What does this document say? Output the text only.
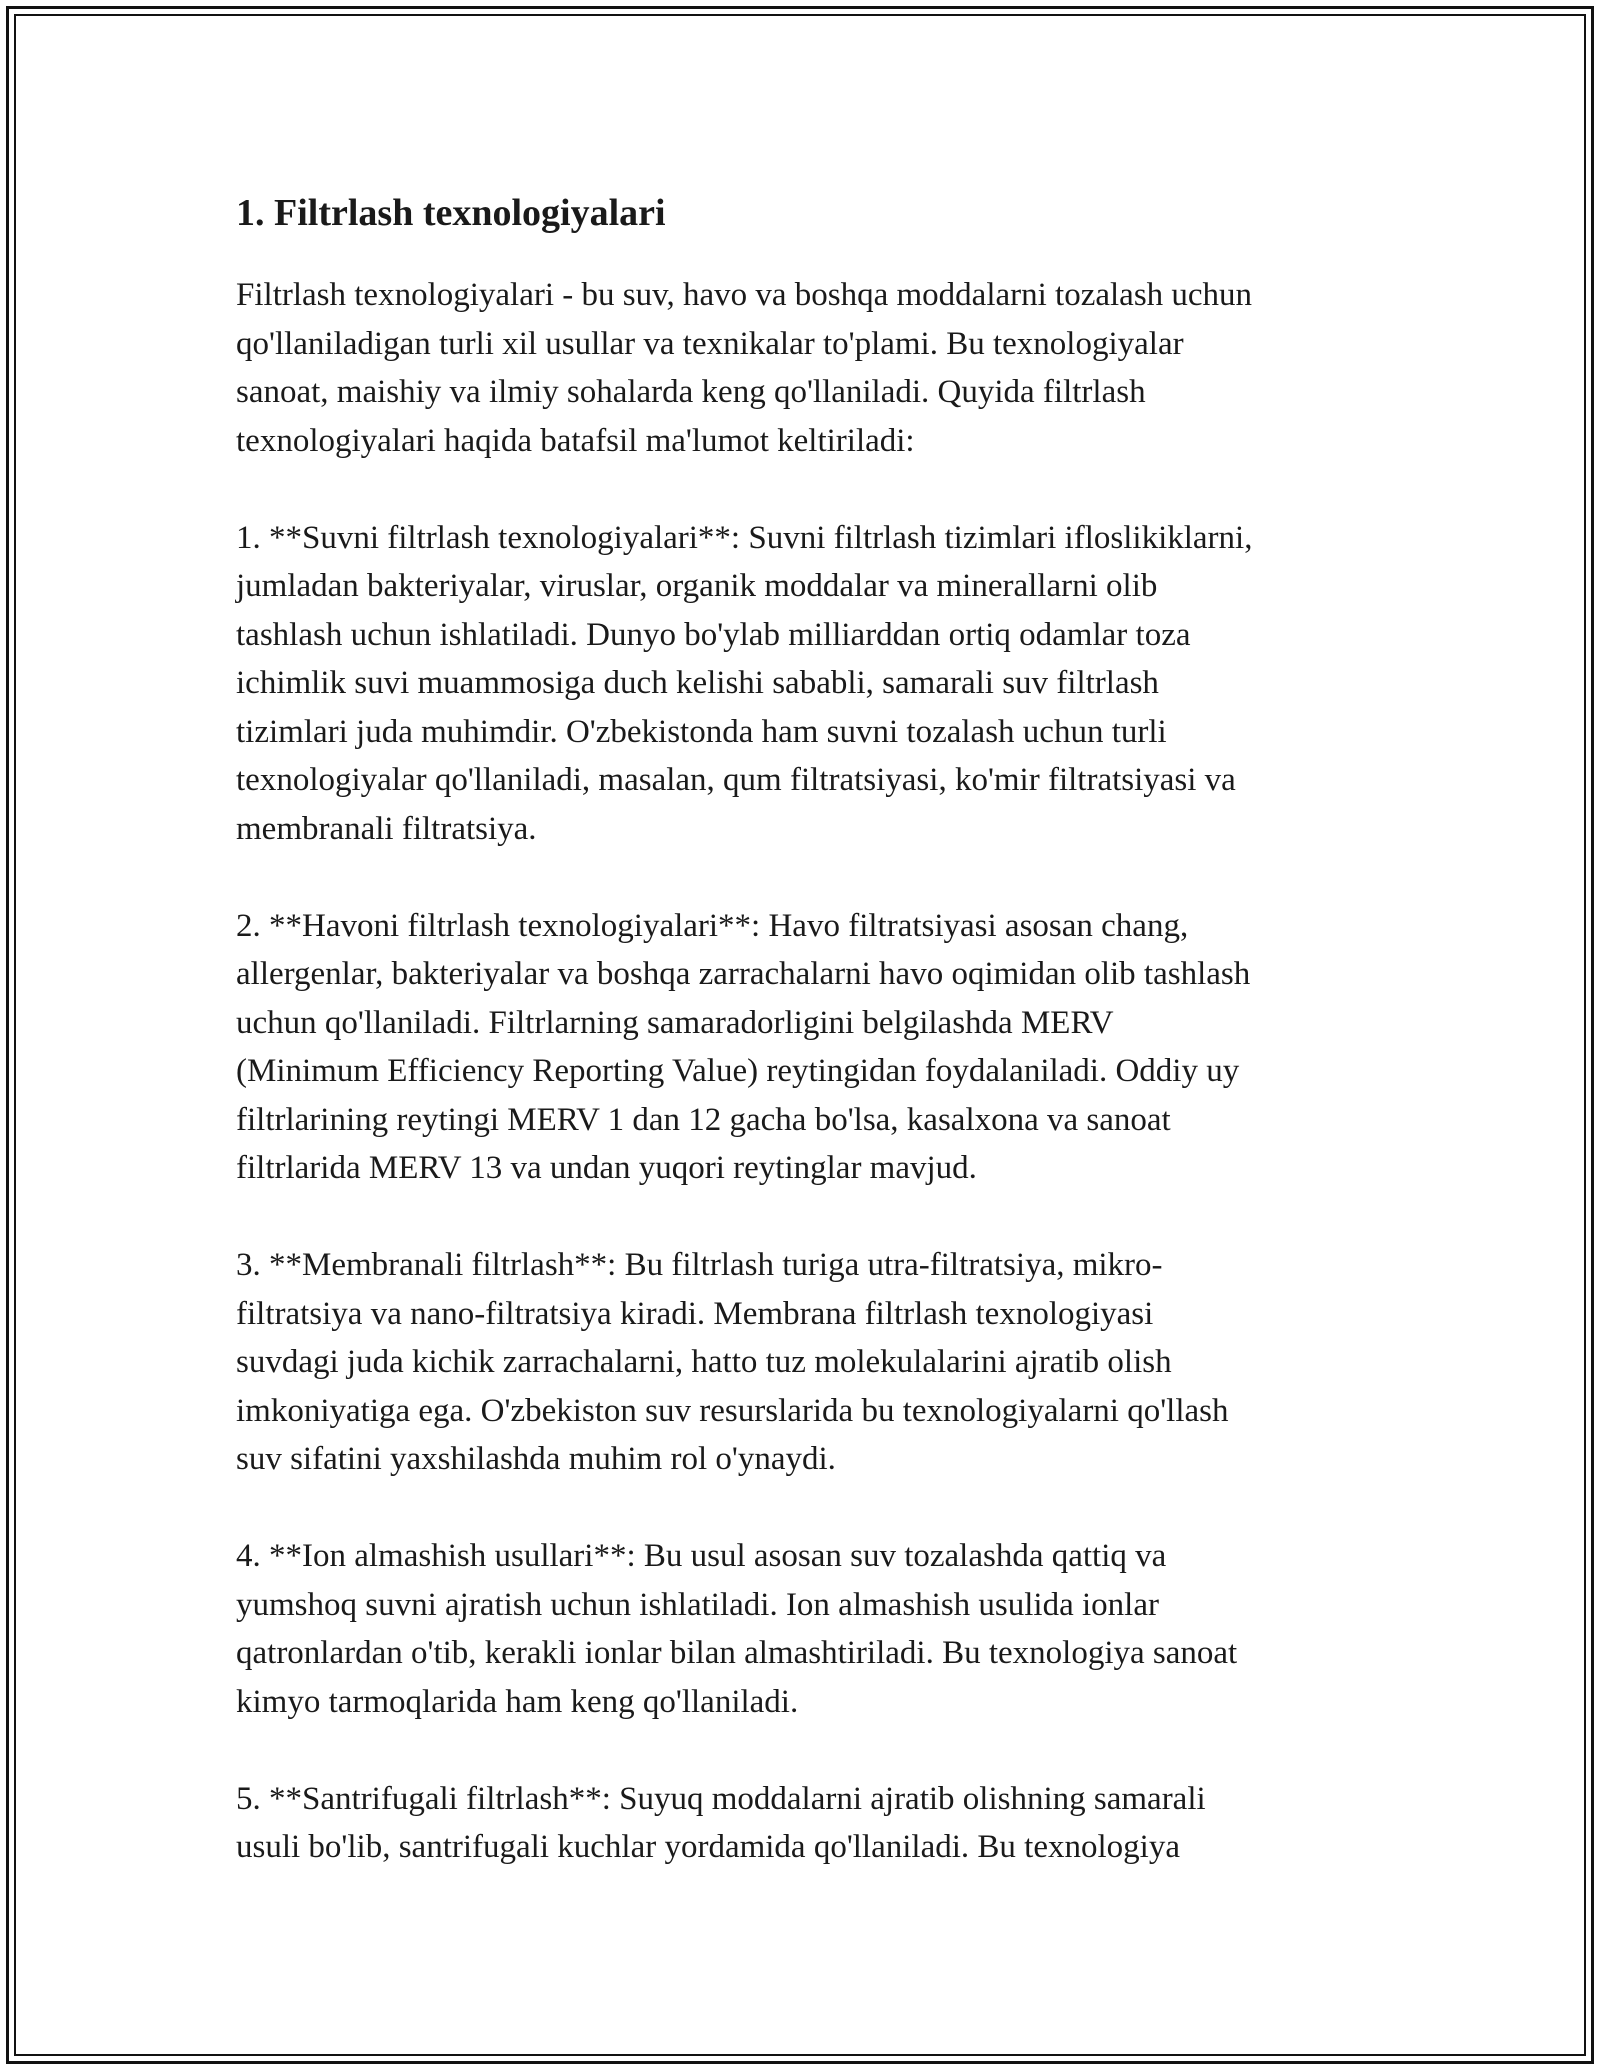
1. Filtrlash texnologiyalari

Filtrlash texnologiyalari - bu suv, havo va boshqa moddalarni tozalash uchun
qo'llaniladigan turli xil usullar va texnikalar to'plami. Bu texnologiyalar
sanoat, maishiy va ilmiy sohalarda keng qo'llaniladi. Quyida filtrlash
texnologiyalari haqida batafsil ma'lumot keltiriladi:

1. **Suvni filtrlash texnologiyalari**: Suvni filtrlash tizimlari ifloslikiklarni,
jumladan bakteriyalar, viruslar, organik moddalar va minerallarni olib
tashlash uchun ishlatiladi. Dunyo bo'ylab milliarddan ortiq odamlar toza
ichimlik suvi muammosiga duch kelishi sababli, samarali suv filtrlash
tizimlari juda muhimdir. O'zbekistonda ham suvni tozalash uchun turli
texnologiyalar qo'llaniladi, masalan, qum filtratsiyasi, ko'mir filtratsiyasi va
membranali filtratsiya.

2. **Havoni filtrlash texnologiyalari**: Havo filtratsiyasi asosan chang,
allergenlar, bakteriyalar va boshqa zarrachalarni havo oqimidan olib tashlash
uchun qo'llaniladi. Filtrlarning samaradorligini belgilashda MERV
(Minimum Efficiency Reporting Value) reytingidan foydalaniladi. Oddiy uy
filtrlarining reytingi MERV 1 dan 12 gacha bo'lsa, kasalxona va sanoat
filtrlarida MERV 13 va undan yuqori reytinglar mavjud.

3. **Membranali filtrlash**: Bu filtrlash turiga utra-filtratsiya, mikro-
filtratsiya va nano-filtratsiya kiradi. Membrana filtrlash texnologiyasi
suvdagi juda kichik zarrachalarni, hatto tuz molekulalarini ajratib olish
imkoniyatiga ega. O'zbekiston suv resurslarida bu texnologiyalarni qo'llash
suv sifatini yaxshilashda muhim rol o'ynaydi.

4. **Ion almashish usullari**: Bu usul asosan suv tozalashda qattiq va
yumshoq suvni ajratish uchun ishlatiladi. Ion almashish usulida ionlar
qatronlardan o'tib, kerakli ionlar bilan almashtiriladi. Bu texnologiya sanoat
kimyo tarmoqlarida ham keng qo'llaniladi.

5. **Santrifugali filtrlash**: Suyuq moddalarni ajratib olishning samarali
usuli bo'lib, santrifugali kuchlar yordamida qo'llaniladi. Bu texnologiya
